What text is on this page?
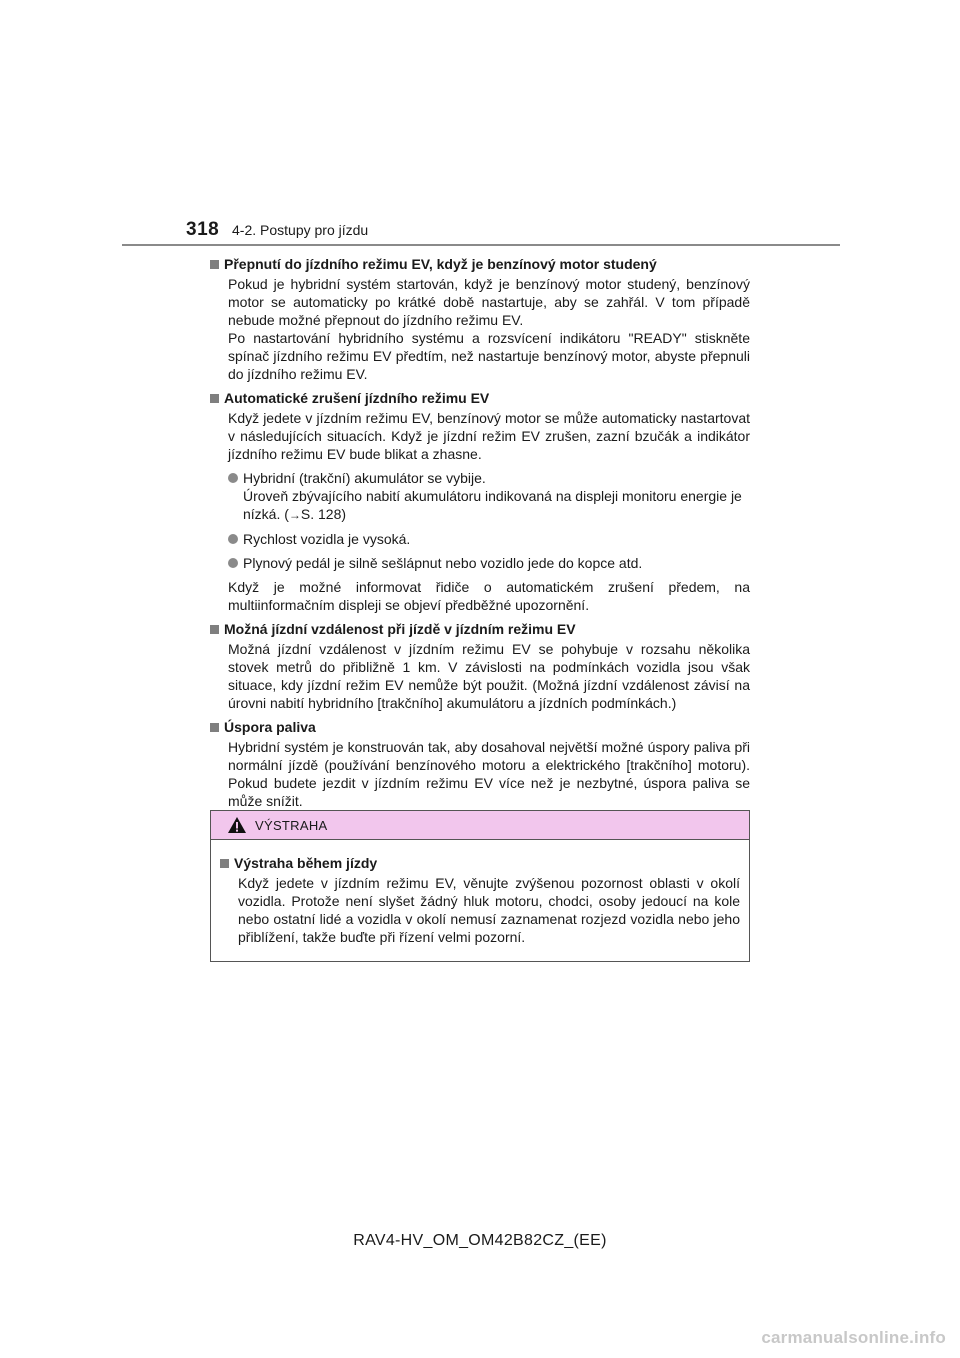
318 4-2. Postupy pro jízdu
Přepnutí do jízdního režimu EV, když je benzínový motor studený

Pokud je hybridní systém startován, když je benzínový motor studený, benzínový motor se automaticky po krátké době nastartuje, aby se zahřál. V tom případě nebude možné přepnout do jízdního režimu EV.

Po nastartování hybridního systému a rozsvícení indikátoru "READY" stiskněte spínač jízdního režimu EV předtím, než nastartuje benzínový motor, abyste přepnuli do jízdního režimu EV.

Automatické zrušení jízdního režimu EV

Když jedete v jízdním režimu EV, benzínový motor se může automaticky nastartovat v následujících situacích. Když je jízdní režim EV zrušen, zazní bzučák a indikátor jízdního režimu EV bude blikat a zhasne.

Hybridní (trakční) akumulátor se vybije.
Úroveň zbývajícího nabití akumulátoru indikovaná na displeji monitoru energie je nízká. (→S. 128)
Rychlost vozidla je vysoká.
Plynový pedál je silně sešlápnut nebo vozidlo jede do kopce atd.

Když je možné informovat řidiče o automatickém zrušení předem, na multiinformačním displeji se objeví předběžné upozornění.

Možná jízdní vzdálenost při jízdě v jízdním režimu EV

Možná jízdní vzdálenost v jízdním režimu EV se pohybuje v rozsahu několika stovek metrů do přibližně 1 km. V závislosti na podmínkách vozidla jsou však situace, kdy jízdní režim EV nemůže být použit. (Možná jízdní vzdálenost závisí na úrovni nabití hybridního [trakčního] akumulátoru a jízdních podmínkách.)

Úspora paliva

Hybridní systém je konstruován tak, aby dosahoval největší možné úspory paliva při normální jízdě (používání benzínového motoru a elektrického [trakčního] motoru). Pokud budete jezdit v jízdním režimu EV více než je nezbytné, úspora paliva se může snížit.

VÝSTRAHA
Výstraha během jízdy

Když jedete v jízdním režimu EV, věnujte zvýšenou pozornost oblasti v okolí vozidla. Protože není slyšet žádný hluk motoru, chodci, osoby jedoucí na kole nebo ostatní lidé a vozidla v okolí nemusí zaznamenat rozjezd vozidla nebo jeho přiblížení, takže buďte při řízení velmi pozorní.

RAV4-HV_OM_OM42B82CZ_(EE)
carmanualsonline.info
